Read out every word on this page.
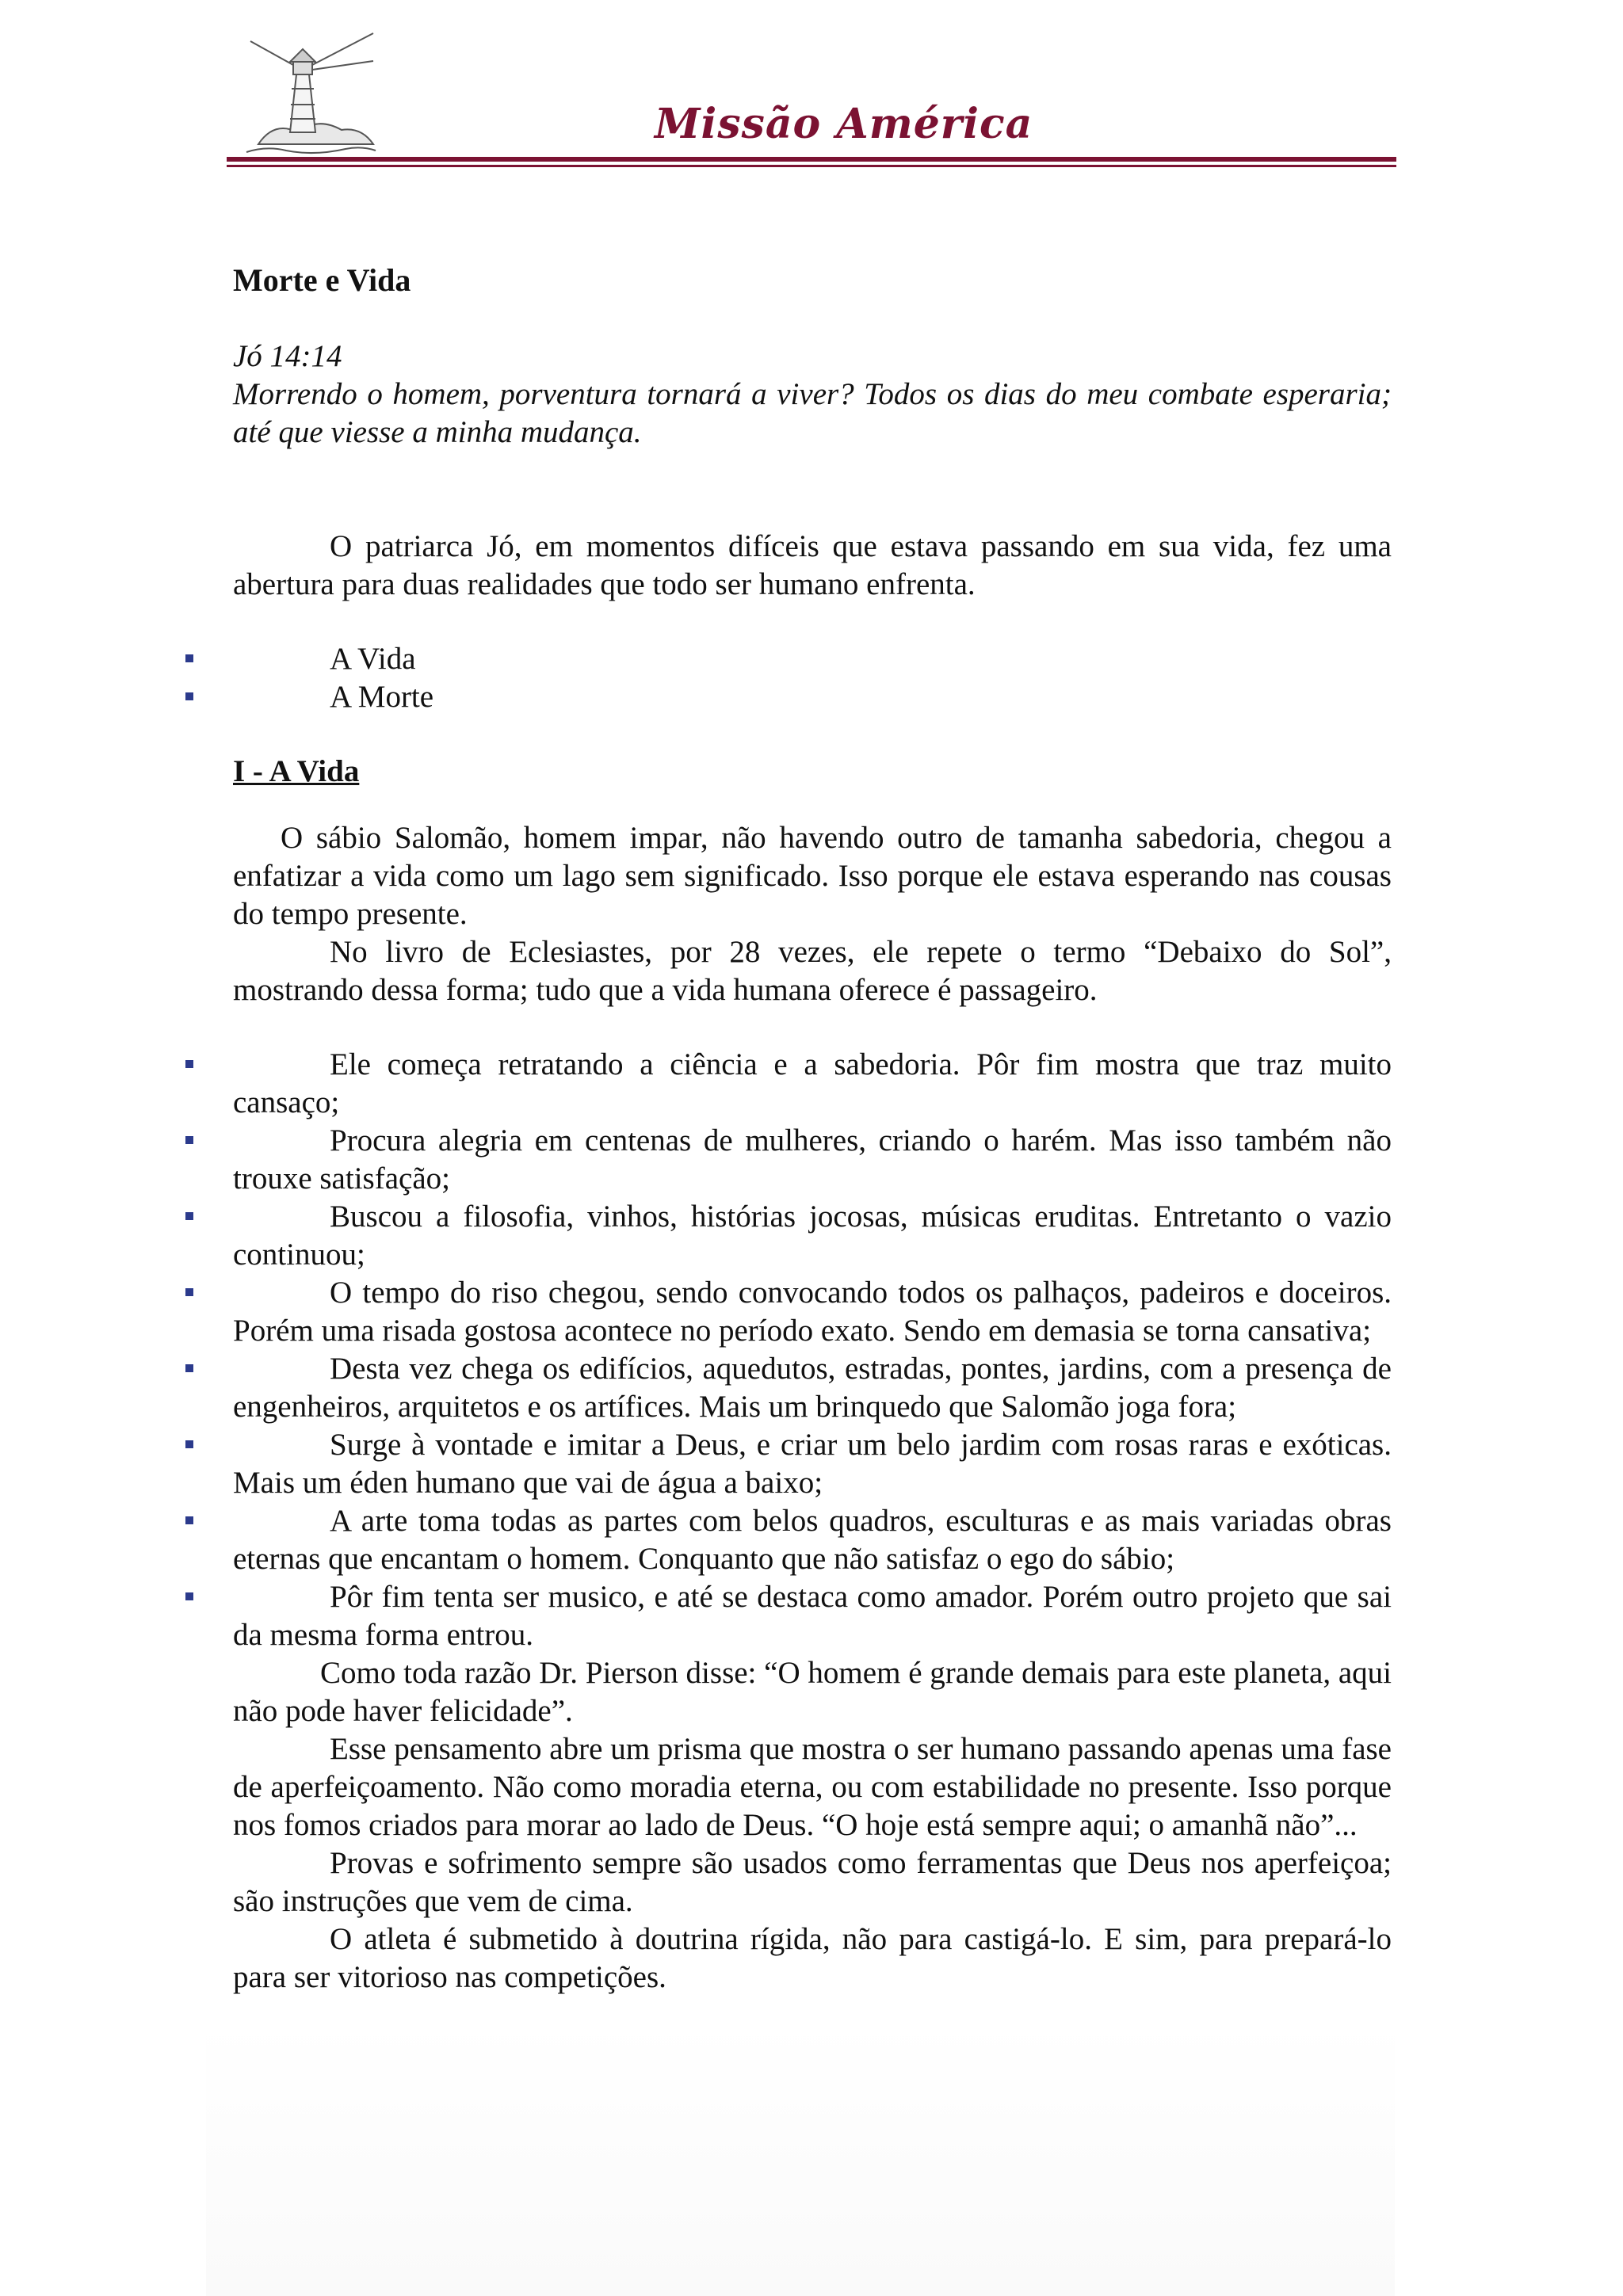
Missão América
Morte e Vida
Jó 14:14
Morrendo o homem, porventura tornará a viver? Todos os dias do meu combate esperaria; até que viesse a minha mudança.
O patriarca Jó, em momentos difíceis que estava passando em sua vida, fez uma abertura para duas realidades que todo ser humano enfrenta.
A Vida
A Morte
I - A Vida
O sábio Salomão, homem impar, não havendo outro de tamanha sabedoria, chegou a enfatizar a vida como um lago sem significado. Isso porque ele estava esperando nas cousas do tempo presente.
No livro de Eclesiastes, por 28 vezes, ele repete o termo “Debaixo do Sol”, mostrando dessa forma; tudo que a vida humana oferece é passageiro.
Ele começa retratando a ciência e a sabedoria. Pôr fim mostra que traz muito cansaço;
Procura alegria em centenas de mulheres, criando o harém. Mas isso também não trouxe satisfação;
Buscou a filosofia, vinhos, histórias jocosas, músicas eruditas. Entretanto o vazio continuou;
O tempo do riso chegou, sendo convocando todos os palhaços, padeiros e doceiros. Porém uma risada gostosa acontece no período exato. Sendo em demasia se torna cansativa;
Desta vez chega os edifícios, aquedutos, estradas, pontes, jardins, com a presença de engenheiros, arquitetos e os artífices. Mais um brinquedo que Salomão joga fora;
Surge à vontade e imitar a Deus, e criar um belo jardim com rosas raras e exóticas. Mais um éden humano que vai de água a baixo;
A arte toma todas as partes com belos quadros, esculturas e as mais variadas obras eternas que encantam o homem. Conquanto que não satisfaz o ego do sábio;
Pôr fim tenta ser musico, e até se destaca como amador. Porém outro projeto que sai da mesma forma entrou.
Como toda razão Dr. Pierson disse: “O homem é grande demais para este planeta, aqui não pode haver felicidade”.
Esse pensamento abre um prisma que mostra o ser humano passando apenas uma fase de aperfeiçoamento. Não como moradia eterna, ou com estabilidade no presente. Isso porque nos fomos criados para morar ao lado de Deus. “O hoje está sempre aqui; o amanhã não”...
Provas e sofrimento sempre são usados como ferramentas que Deus nos aperfeiçoa; são instruções que vem de cima.
O atleta é submetido à doutrina rígida, não para castigá-lo. E sim, para prepará-lo para ser vitorioso nas competições.
